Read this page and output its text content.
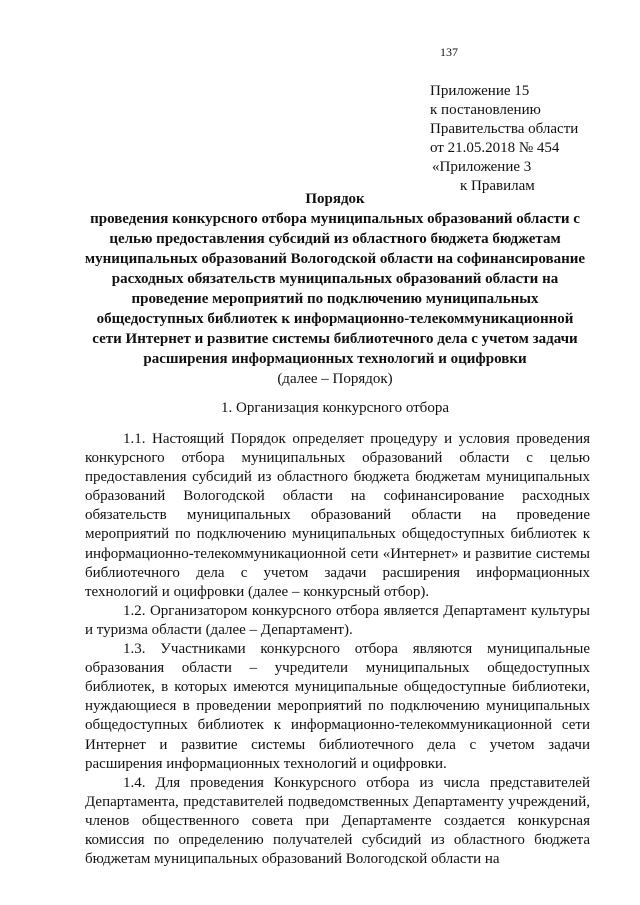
137
Приложение 15
к постановлению
Правительства области
от 21.05.2018 № 454
«Приложение 3
к Правилам
Порядок
проведения конкурсного отбора муниципальных образований области с целью предоставления субсидий из областного бюджета бюджетам муниципальных образований Вологодской области на софинансирование расходных обязательств муниципальных образований области на проведение мероприятий по подключению муниципальных общедоступных библиотек к информационно-телекоммуникационной сети Интернет и развитие системы библиотечного дела с учетом задачи расширения информационных технологий и оцифровки
(далее – Порядок)
1. Организация конкурсного отбора

1.1. Настоящий Порядок определяет процедуру и условия проведения конкурсного отбора муниципальных образований области с целью предоставления субсидий из областного бюджета бюджетам муниципальных образований Вологодской области на софинансирование расходных обязательств муниципальных образований области на проведение мероприятий по подключению муниципальных общедоступных библиотек к информационно-телекоммуникационной сети «Интернет» и развитие системы библиотечного дела с учетом задачи расширения информационных технологий и оцифровки (далее – конкурсный отбор).

1.2. Организатором конкурсного отбора является Департамент культуры и туризма области (далее – Департамент).

1.3. Участниками конкурсного отбора являются муниципальные образования области – учредители муниципальных общедоступных библиотек, в которых имеются муниципальные общедоступные библиотеки, нуждающиеся в проведении мероприятий по подключению муниципальных общедоступных библиотек к информационно-телекоммуникационной сети Интернет и развитие системы библиотечного дела с учетом задачи расширения информационных технологий и оцифровки.

1.4. Для проведения Конкурсного отбора из числа представителей Департамента, представителей подведомственных Департаменту учреждений, членов общественного совета при Департаменте создается конкурсная комиссия по определению получателей субсидий из областного бюджета бюджетам муниципальных образований Вологодской области на
